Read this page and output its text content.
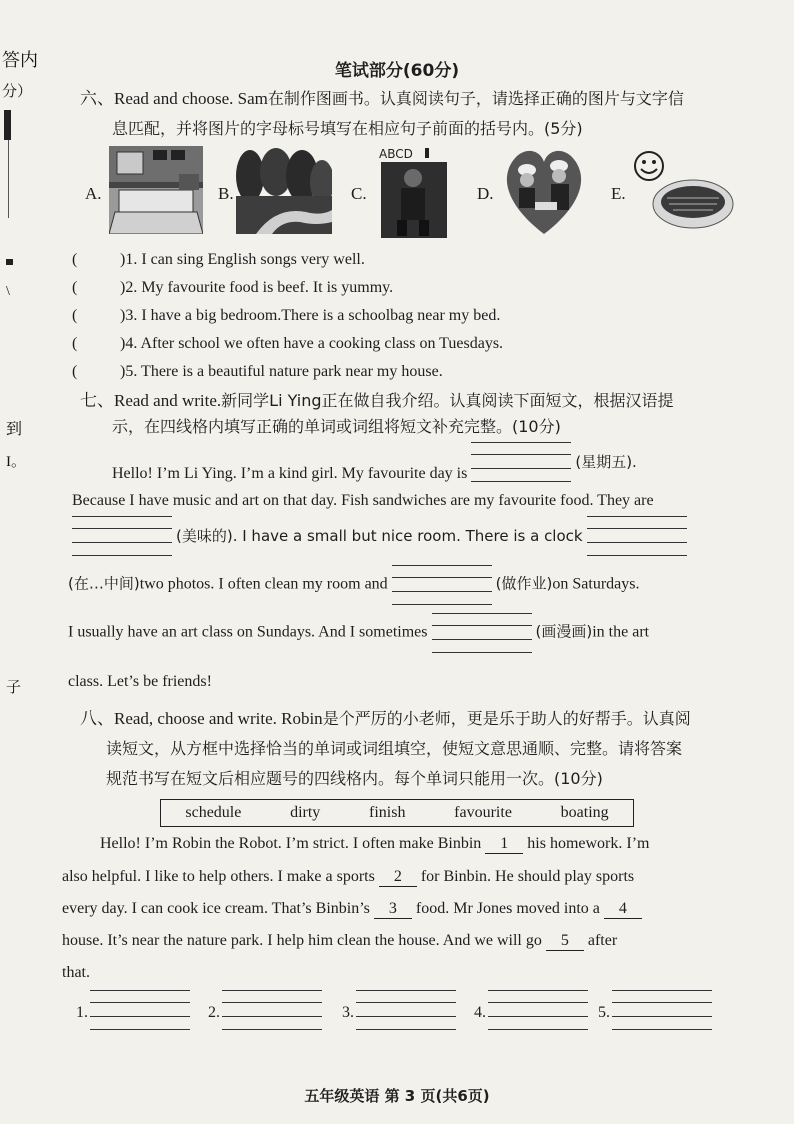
答内
分）
\
到
I。
子
笔试部分(60分)
六、Read and choose. Sam在制作图画书。认真阅读句子，请选择正确的图片与文字信
息匹配，并将图片的字母标号填写在相应句子前面的括号内。(5分)
A.	B.	C.
ABCD
D.	E.
(	)1. I can sing English songs very well.
(	)2. My favourite food is beef. It is yummy.
(	)3. I have a big bedroom.There is a schoolbag near my bed.
(	)4. After school we often have a cooking class on Tuesdays.
(	)5. There is a beautiful nature park near my house.
七、Read and write.新同学Li Ying正在做自我介绍。认真阅读下面短文，根据汉语提
示，在四线格内填写正确的单词或词组将短文补充完整。(10分)
Hello! I’m Li Ying. I’m a kind girl. My favourite day is
(星期五).
Because I have music and art on that day. Fish sandwiches are my favourite food. They are
(美味的). I have a small but nice room. There is a clock
(在…中间)two photos. I often clean my room and	(做作业)on Saturdays.
I usually have an art class on Sundays. And I sometimes	(画漫画)in the art
class. Let’s be friends!
八、Read, choose and write. Robin是个严厉的小老师，更是乐于助人的好帮手。认真阅
读短文，从方框中选择恰当的单词或词组填空，使短文意思通顺、完整。请将答案
规范书写在短文后相应题号的四线格内。每个单词只能用一次。(10分)
schedule	dirty	finish	favourite	boating
Hello! I’m Robin the Robot. I’m strict. I often make Binbin 1 his homework. I’m
also helpful. I like to help others. I make a sports 2 for Binbin. He should play sports
every day. I can cook ice cream. That’s Binbin’s 3 food. Mr Jones moved into a 4
house. It’s near the nature park. I help him clean the house. And we will go 5 after
that.
1.	2.	3.	4.	5.
五年级英语 第 3 页(共6页)
